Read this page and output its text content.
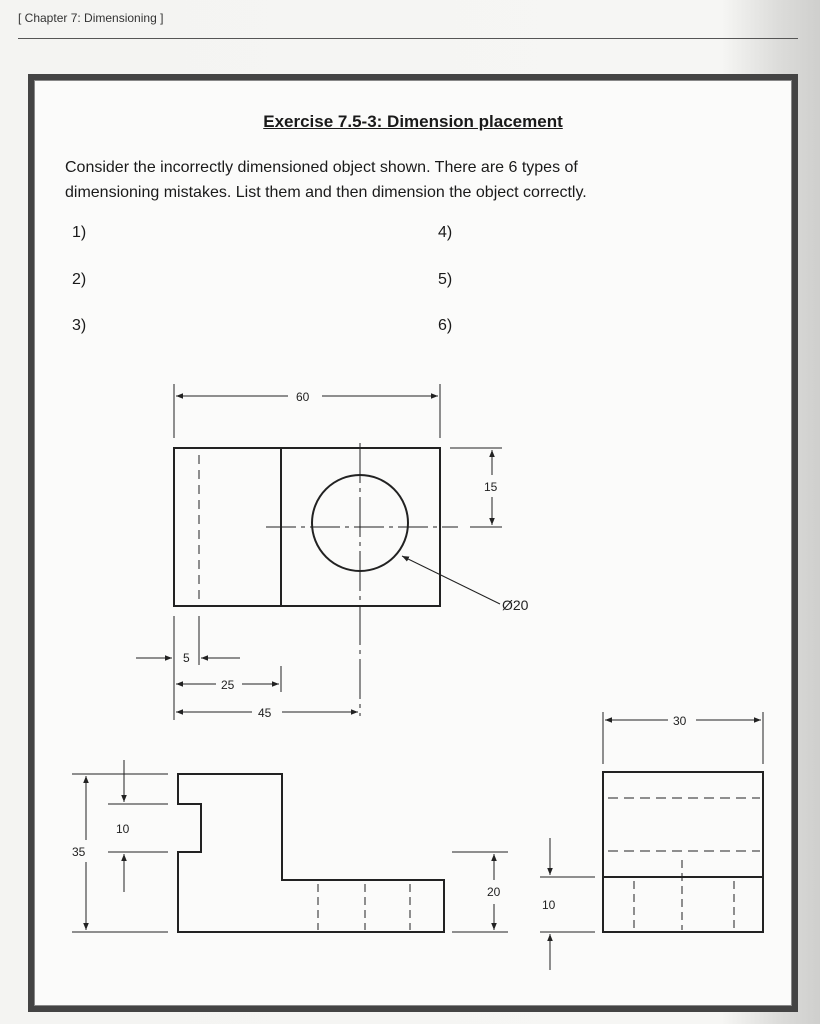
[ Chapter 7: Dimensioning ]
Exercise 7.5-3: Dimension placement

Consider the incorrectly dimensioned object shown. There are 6 types of

dimensioning mistakes. List them and then dimension the object correctly.

1)
2)
3)
4)
5)
6)
60
15
Ø20
5
25
45
10
35
20
30
10
